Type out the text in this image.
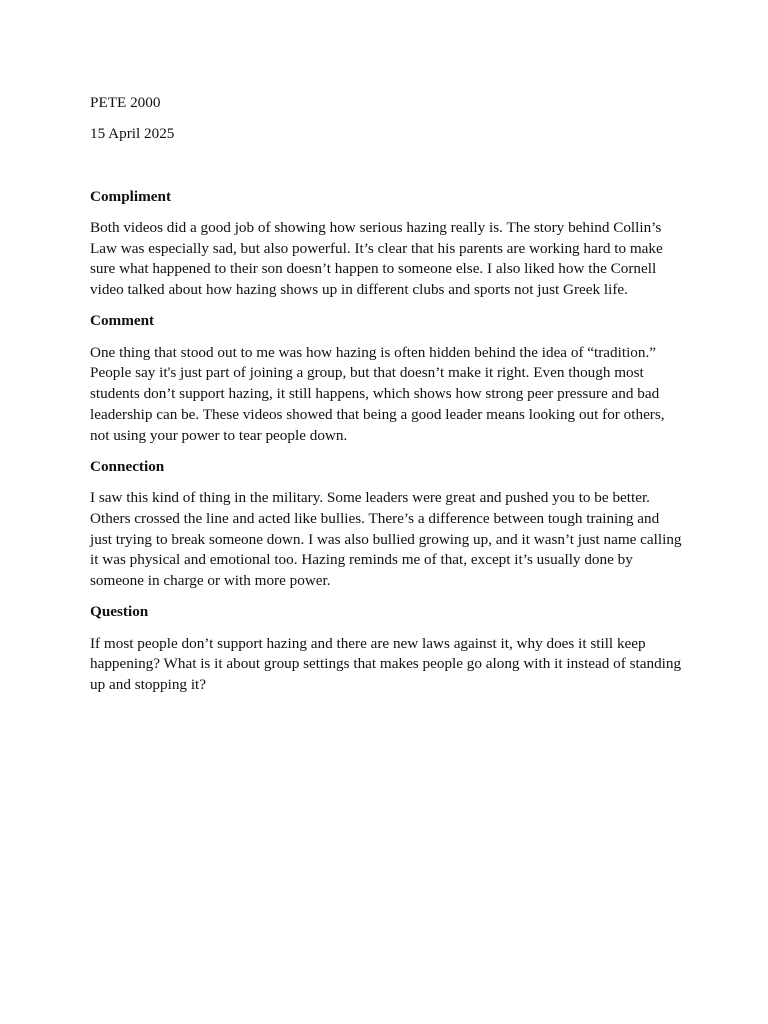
PETE 2000

15 April 2025

Compliment

Both videos did a good job of showing how serious hazing really is. The story behind Collin’s Law was especially sad, but also powerful. It’s clear that his parents are working hard to make sure what happened to their son doesn’t happen to someone else. I also liked how the Cornell video talked about how hazing shows up in different clubs and sports not just Greek life.

Comment

One thing that stood out to me was how hazing is often hidden behind the idea of “tradition.” People say it's just part of joining a group, but that doesn’t make it right. Even though most students don’t support hazing, it still happens, which shows how strong peer pressure and bad leadership can be. These videos showed that being a good leader means looking out for others, not using your power to tear people down.

Connection

I saw this kind of thing in the military. Some leaders were great and pushed you to be better. Others crossed the line and acted like bullies. There’s a difference between tough training and just trying to break someone down. I was also bullied growing up, and it wasn’t just name calling it was physical and emotional too. Hazing reminds me of that, except it’s usually done by someone in charge or with more power.

Question

If most people don’t support hazing and there are new laws against it, why does it still keep happening? What is it about group settings that makes people go along with it instead of standing up and stopping it?
